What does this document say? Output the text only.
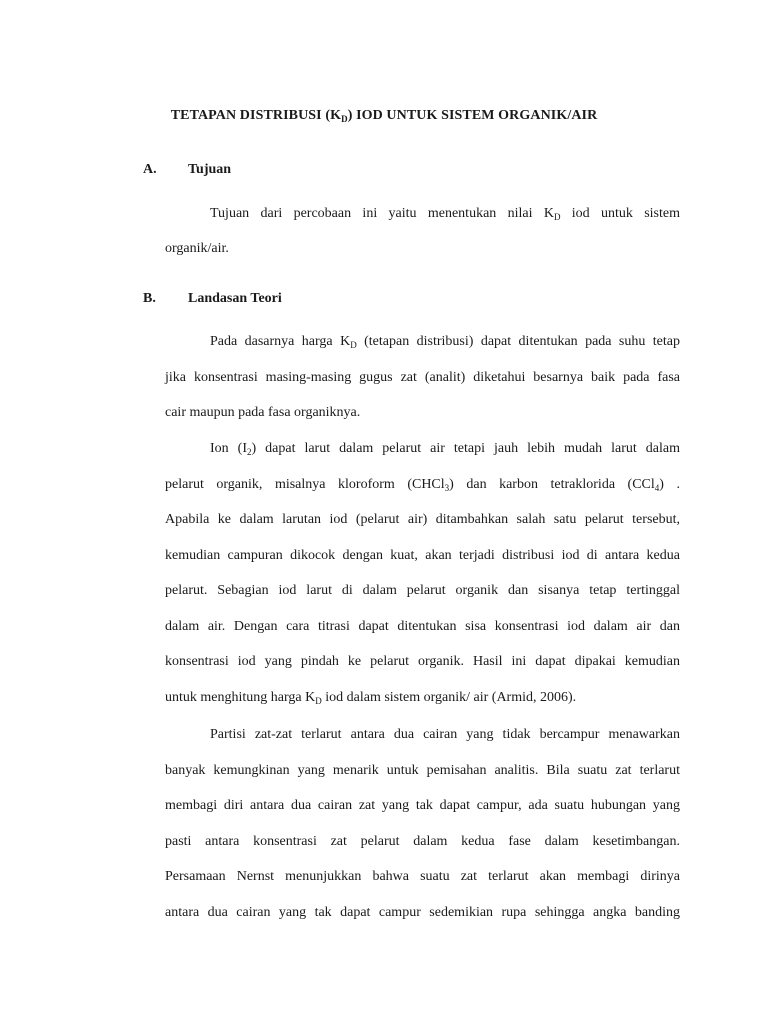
TETAPAN DISTRIBUSI $(K_D)$ IOD UNTUK SISTEM ORGANIK/AIR
A. Tujuan
Tujuan dari percobaan ini yaitu menentukan nilai $K_D$ iod untuk sistem
organik/air.
B. Landasan Teori
Pada dasarnya harga $K_D$ (tetapan distribusi) dapat ditentukan pada suhu tetap
jika konsentrasi masing-masing gugus zat (analit) diketahui besarnya baik pada fasa
cair maupun pada fasa organiknya.
Ion $(I_2)$ dapat larut dalam pelarut air tetapi jauh lebih mudah larut dalam
pelarut organik, misalnya kloroform (CHCl$_3$) dan karbon tetraklorida (CCl$_4$) .
Apabila ke dalam larutan iod (pelarut air) ditambahkan salah satu pelarut tersebut,
kemudian campuran dikocok dengan kuat, akan terjadi distribusi iod di antara kedua
pelarut. Sebagian iod larut di dalam pelarut organik dan sisanya tetap tertinggal
dalam air. Dengan cara titrasi dapat ditentukan sisa konsentrasi iod dalam air dan
konsentrasi iod yang pindah ke pelarut organik. Hasil ini dapat dipakai kemudian
untuk menghitung harga $K_D$ iod dalam sistem organik/ air (Armid, 2006).
Partisi zat-zat terlarut antara dua cairan yang tidak bercampur menawarkan
banyak kemungkinan yang menarik untuk pemisahan analitis. Bila suatu zat terlarut
membagi diri antara dua cairan zat yang tak dapat campur, ada suatu hubungan yang
pasti antara konsentrasi zat pelarut dalam kedua fase dalam kesetimbangan.
Persamaan Nernst menunjukkan bahwa suatu zat terlarut akan membagi dirinya
antara dua cairan yang tak dapat campur sedemikian rupa sehingga angka banding
